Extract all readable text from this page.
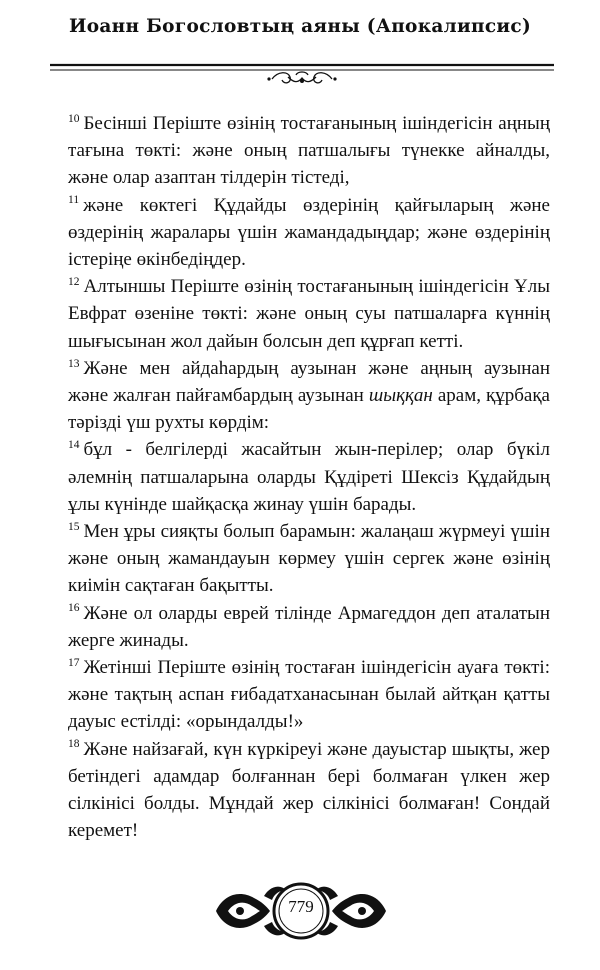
Иоанн Богословтың аяны (Апокалипсис)

$^{10}$ Бесінші Періште өзінің тостағанының ішіндегісін аңның тағына төкті: және оның патшалығы түнекке айналды, және олар азаптан тілдерін тістеді,

$^{11}$ және көктегі Құдайды өздерінің қайғыларың және өздерінің жаралары үшін жамандадыңдар; және өздерінің істеріңе өкінбедіңдер.

$^{12}$ Алтыншы Періште өзінің тостағанының ішіндегісін Ұлы Евфрат өзеніне төкті: және оның суы патшаларға күннің шығысынан жол дайын болсын деп құрғап кетті.

$^{13}$ Және мен айдаһардың аузынан және аңның аузынан және жалған пайғамбардың аузынан шыққан арам, құрбақа тәрізді үш рухты көрдім:

$^{14}$ бұл - белгілерді жасайтын жын-перілер; олар бүкіл әлемнің патшаларына оларды Құдіреті Шексіз Құдайдың ұлы күнінде шайқасқа жинау үшін барады.

$^{15}$ Мен ұры сияқты болып барамын: жалаңаш жүрмеуі үшін және оның жамандауын көрмеу үшін сергек және өзінің киімін сақтаған бақытты.

$^{16}$ Және ол оларды еврей тілінде Армагеддон деп аталатын жерге жинады.

$^{17}$ Жетінші Періште өзінің тостаған ішіндегісін ауаға төкті: және тақтың аспан ғибадатханасынан былай айтқан қатты дауыс естілді: «орындалды!»

$^{18}$ Және найзағай, күн күркіреуі және дауыстар шықты, жер бетіндегі адамдар болғаннан бері болмаған үлкен жер сілкінісі болды. Мұндай жер сілкінісі болмаған! Сондай керемет!

779
